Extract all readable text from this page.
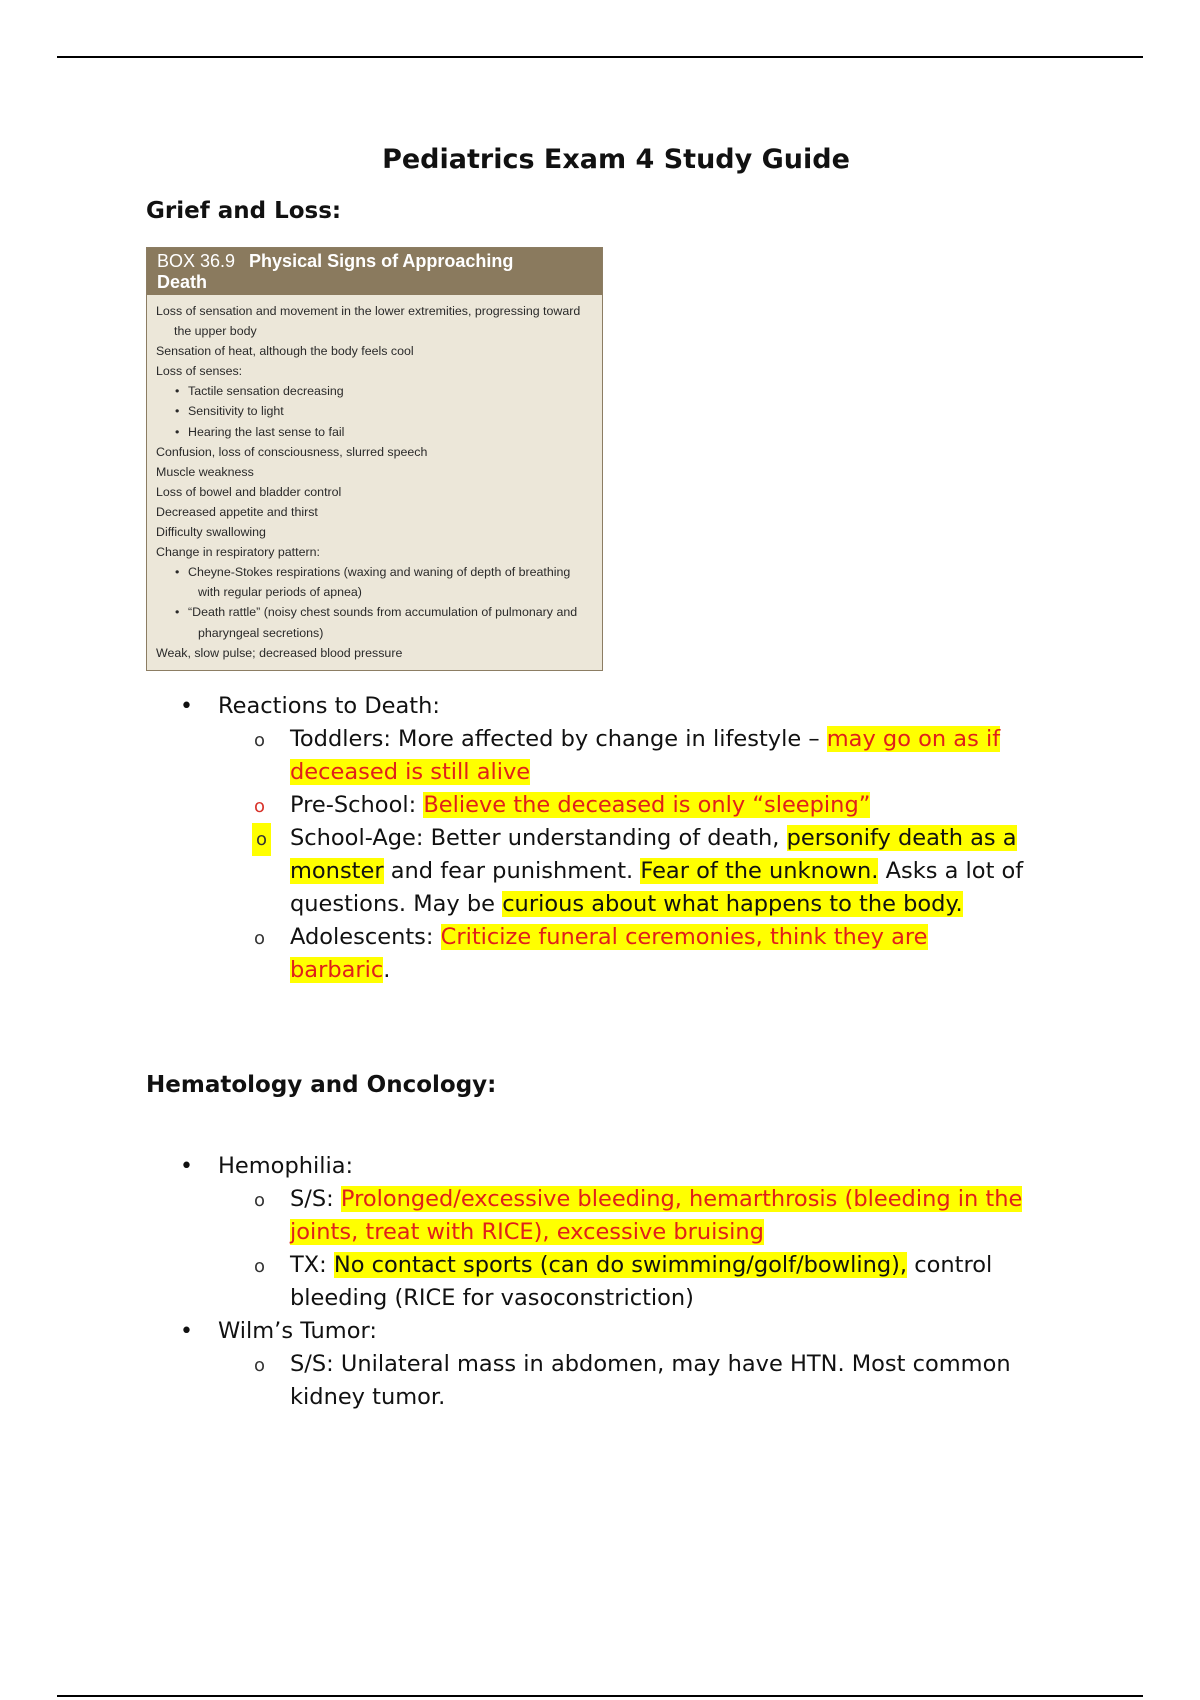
Pediatrics Exam 4 Study Guide
Grief and Loss:
BOX 36.9 Physical Signs of Approaching
Death
Loss of sensation and movement in the lower extremities, progressing toward
the upper body
Sensation of heat, although the body feels cool
Loss of senses:
• Tactile sensation decreasing
• Sensitivity to light
• Hearing the last sense to fail
Confusion, loss of consciousness, slurred speech
Muscle weakness
Loss of bowel and bladder control
Decreased appetite and thirst
Difficulty swallowing
Change in respiratory pattern:
• Cheyne-Stokes respirations (waxing and waning of depth of breathing
with regular periods of apnea)
• “Death rattle” (noisy chest sounds from accumulation of pulmonary and
pharyngeal secretions)
Weak, slow pulse; decreased blood pressure
• Reactions to Death:
o Toddlers: More affected by change in lifestyle – may go on as if
deceased is still alive
o Pre-School: Believe the deceased is only “sleeping”
o School-Age: Better understanding of death, personify death as a
monster and fear punishment. Fear of the unknown. Asks a lot of
questions. May be curious about what happens to the body.
o Adolescents: Criticize funeral ceremonies, think they are
barbaric.
Hematology and Oncology:
• Hemophilia:
o S/S: Prolonged/excessive bleeding, hemarthrosis (bleeding in the
joints, treat with RICE), excessive bruising
o TX: No contact sports (can do swimming/golf/bowling), control
bleeding (RICE for vasoconstriction)
• Wilm’s Tumor:
o S/S: Unilateral mass in abdomen, may have HTN. Most common
kidney tumor.
